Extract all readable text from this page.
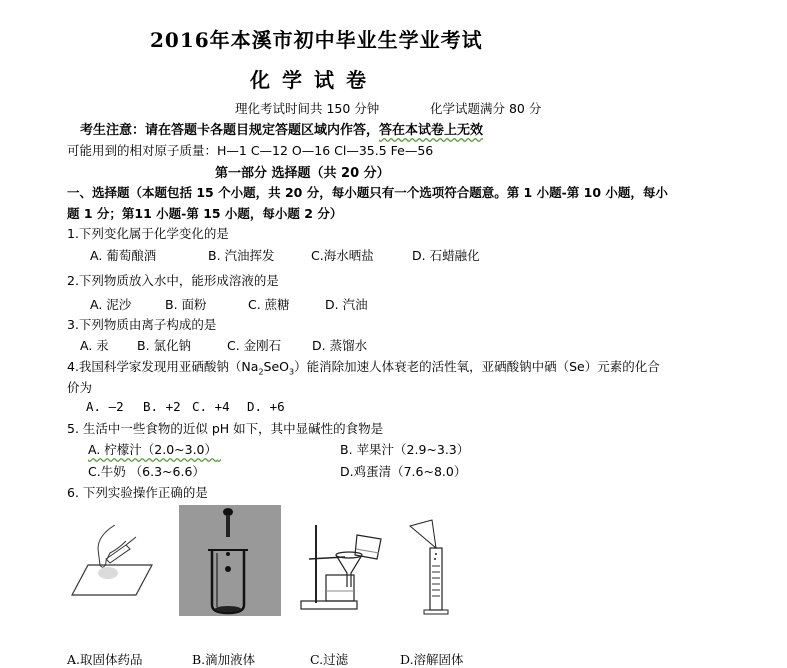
2016年本溪市初中毕业生学业考试
化学试卷
理化考试时间共 150 分钟	化学试题满分 80 分
考生注意：请在答题卡各题目规定答题区域内作答，答在本试卷上无效
可能用到的相对原子质量：H—1 C—12 O—16 Cl—35.5 Fe—56
第一部分 选择题（共 20 分）
一、选择题（本题包括 15 个小题，共 20 分，每小题只有一个选项符合题意。第 1 小题-第 10 小题，每小
题 1 分；第11 小题-第 15 小题，每小题 2 分）
1.下列变化属于化学变化的是
A. 葡萄酿酒	B. 汽油挥发	C.海水晒盐	D. 石蜡融化
2.下列物质放入水中，能形成溶液的是
A. 泥沙	B. 面粉	C. 蔗糖	D. 汽油
3.下列物质由离子构成的是
A. 汞 B. 氯化钠	C. 金刚石 D. 蒸馏水
4.我国科学家发现用亚硒酸钠$(Na_2SeO_3)$能消除加速人体衰老的活性氧，亚硒酸钠中硒（Se）元素的化合
价为
A. —2 B. +2 C. +4 D. +6
5. 生活中一些食物的近似 pH 如下，其中显碱性的食物是
A. 柠檬汁（2.0~3.0）	B. 苹果汁（2.9~3.3）
C.牛奶 （6.3~6.6）	D.鸡蛋清（7.6~8.0）
6. 下列实验操作正确的是
A.取固体药品	B.滴加液体	C.过滤	D.溶解固体
